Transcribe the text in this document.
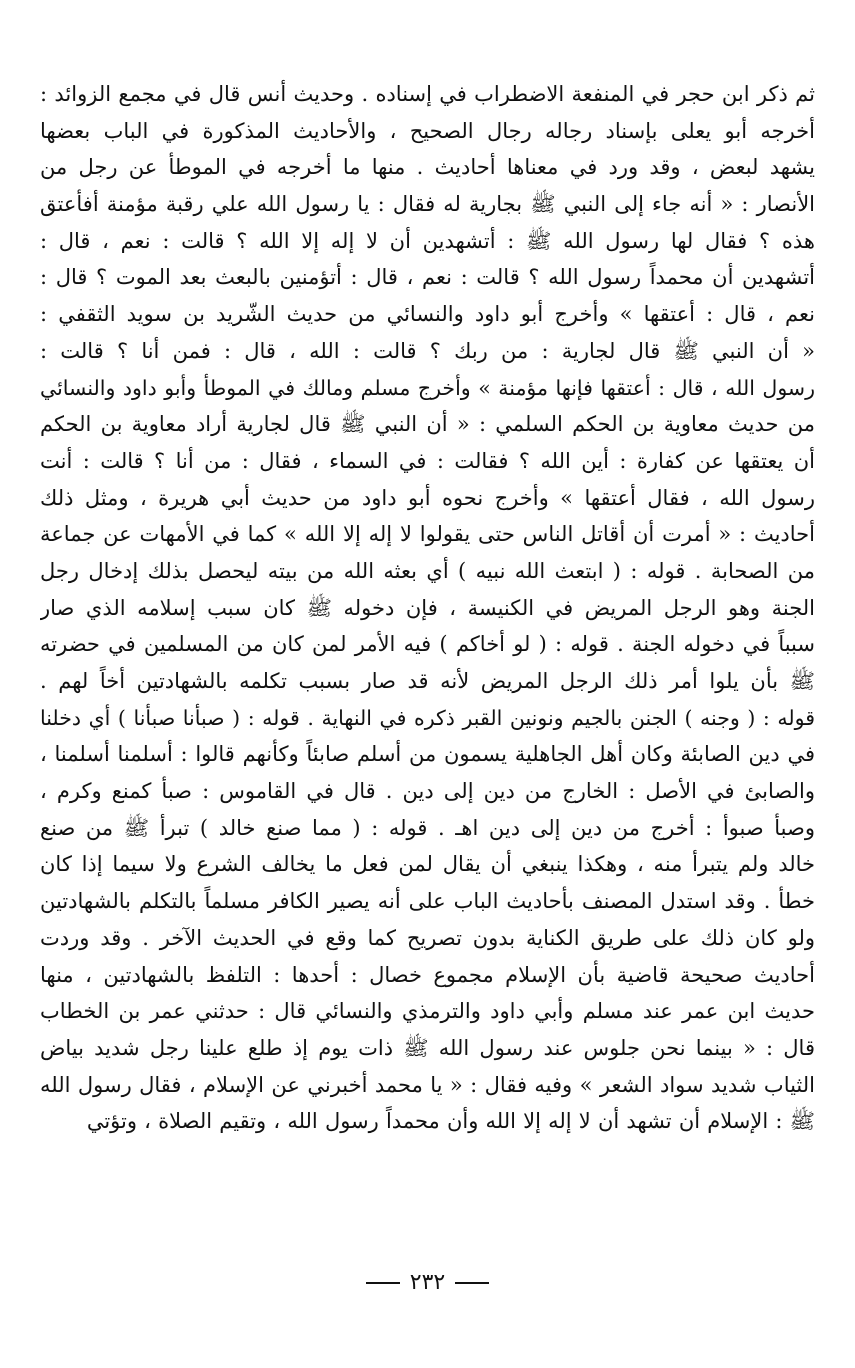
ثم ذكر ابن حجر في المنفعة الاضطراب في إسناده . وحديث أنس قال في مجمع الزوائد :
أخرجه أبو يعلى بإسناد رجاله رجال الصحيح ، والأحاديث المذكورة في الباب بعضها
يشهد لبعض ، وقد ورد في معناها أحاديث . منها ما أخرجه في الموطأ عن رجل من
الأنصار : « أنه جاء إلى النبي ﷺ بجارية له فقال : يا رسول الله علي رقبة مؤمنة أفأعتق
هذه ؟ فقال لها رسول الله ﷺ : أتشهدين أن لا إله إلا الله ؟ قالت : نعم ، قال :
أتشهدين أن محمداً رسول الله ؟ قالت : نعم ، قال : أتؤمنين بالبعث بعد الموت ؟ قال :
نعم ، قال : أعتقها » وأخرج أبو داود والنسائي من حديث الشّريد بن سويد الثقفي :
« أن النبي ﷺ قال لجارية : من ربك ؟ قالت : الله ، قال : فمن أنا ؟ قالت :
رسول الله ، قال : أعتقها فإنها مؤمنة » وأخرج مسلم ومالك في الموطأ وأبو داود والنسائي
من حديث معاوية بن الحكم السلمي : « أن النبي ﷺ قال لجارية أراد معاوية بن الحكم
أن يعتقها عن كفارة : أين الله ؟ فقالت : في السماء ، فقال : من أنا ؟ قالت : أنت
رسول الله ، فقال أعتقها » وأخرج نحوه أبو داود من حديث أبي هريرة ، ومثل ذلك
أحاديث : « أمرت أن أقاتل الناس حتى يقولوا لا إله إلا الله » كما في الأمهات عن جماعة
من الصحابة . قوله : ( ابتعث الله نبيه ) أي بعثه الله من بيته ليحصل بذلك إدخال رجل
الجنة وهو الرجل المريض في الكنيسة ، فإن دخوله ﷺ كان سبب إسلامه الذي صار
سبباً في دخوله الجنة . قوله : ( لو أخاكم ) فيه الأمر لمن كان من المسلمين في حضرته
ﷺ بأن يلوا أمر ذلك الرجل المريض لأنه قد صار بسبب تكلمه بالشهادتين أخاً لهم .
قوله : ( وجنه ) الجنن بالجيم ونونين القبر ذكره في النهاية . قوله : ( صبأنا صبأنا ) أي دخلنا
في دين الصابئة وكان أهل الجاهلية يسمون من أسلم صابئاً وكأنهم قالوا : أسلمنا أسلمنا ،
والصابئ في الأصل : الخارج من دين إلى دين . قال في القاموس : صبأ كمنع وكرم ،
وصبأ صبوأ : أخرج من دين إلى دين اهـ . قوله : ( مما صنع خالد ) تبرأ ﷺ من صنع
خالد ولم يتبرأ منه ، وهكذا ينبغي أن يقال لمن فعل ما يخالف الشرع ولا سيما إذا كان
خطأ . وقد استدل المصنف بأحاديث الباب على أنه يصير الكافر مسلماً بالتكلم بالشهادتين
ولو كان ذلك على طريق الكناية بدون تصريح كما وقع في الحديث الآخر . وقد وردت
أحاديث صحيحة قاضية بأن الإسلام مجموع خصال : أحدها : التلفظ بالشهادتين ، منها
حديث ابن عمر عند مسلم وأبي داود والترمذي والنسائي قال : حدثني عمر بن الخطاب
قال : « بينما نحن جلوس عند رسول الله ﷺ ذات يوم إذ طلع علينا رجل شديد بياض
الثياب شديد سواد الشعر » وفيه فقال : « يا محمد أخبرني عن الإسلام ، فقال رسول الله
ﷺ : الإسلام أن تشهد أن لا إله إلا الله وأن محمداً رسول الله ، وتقيم الصلاة ، وتؤتي
٢٣٢
